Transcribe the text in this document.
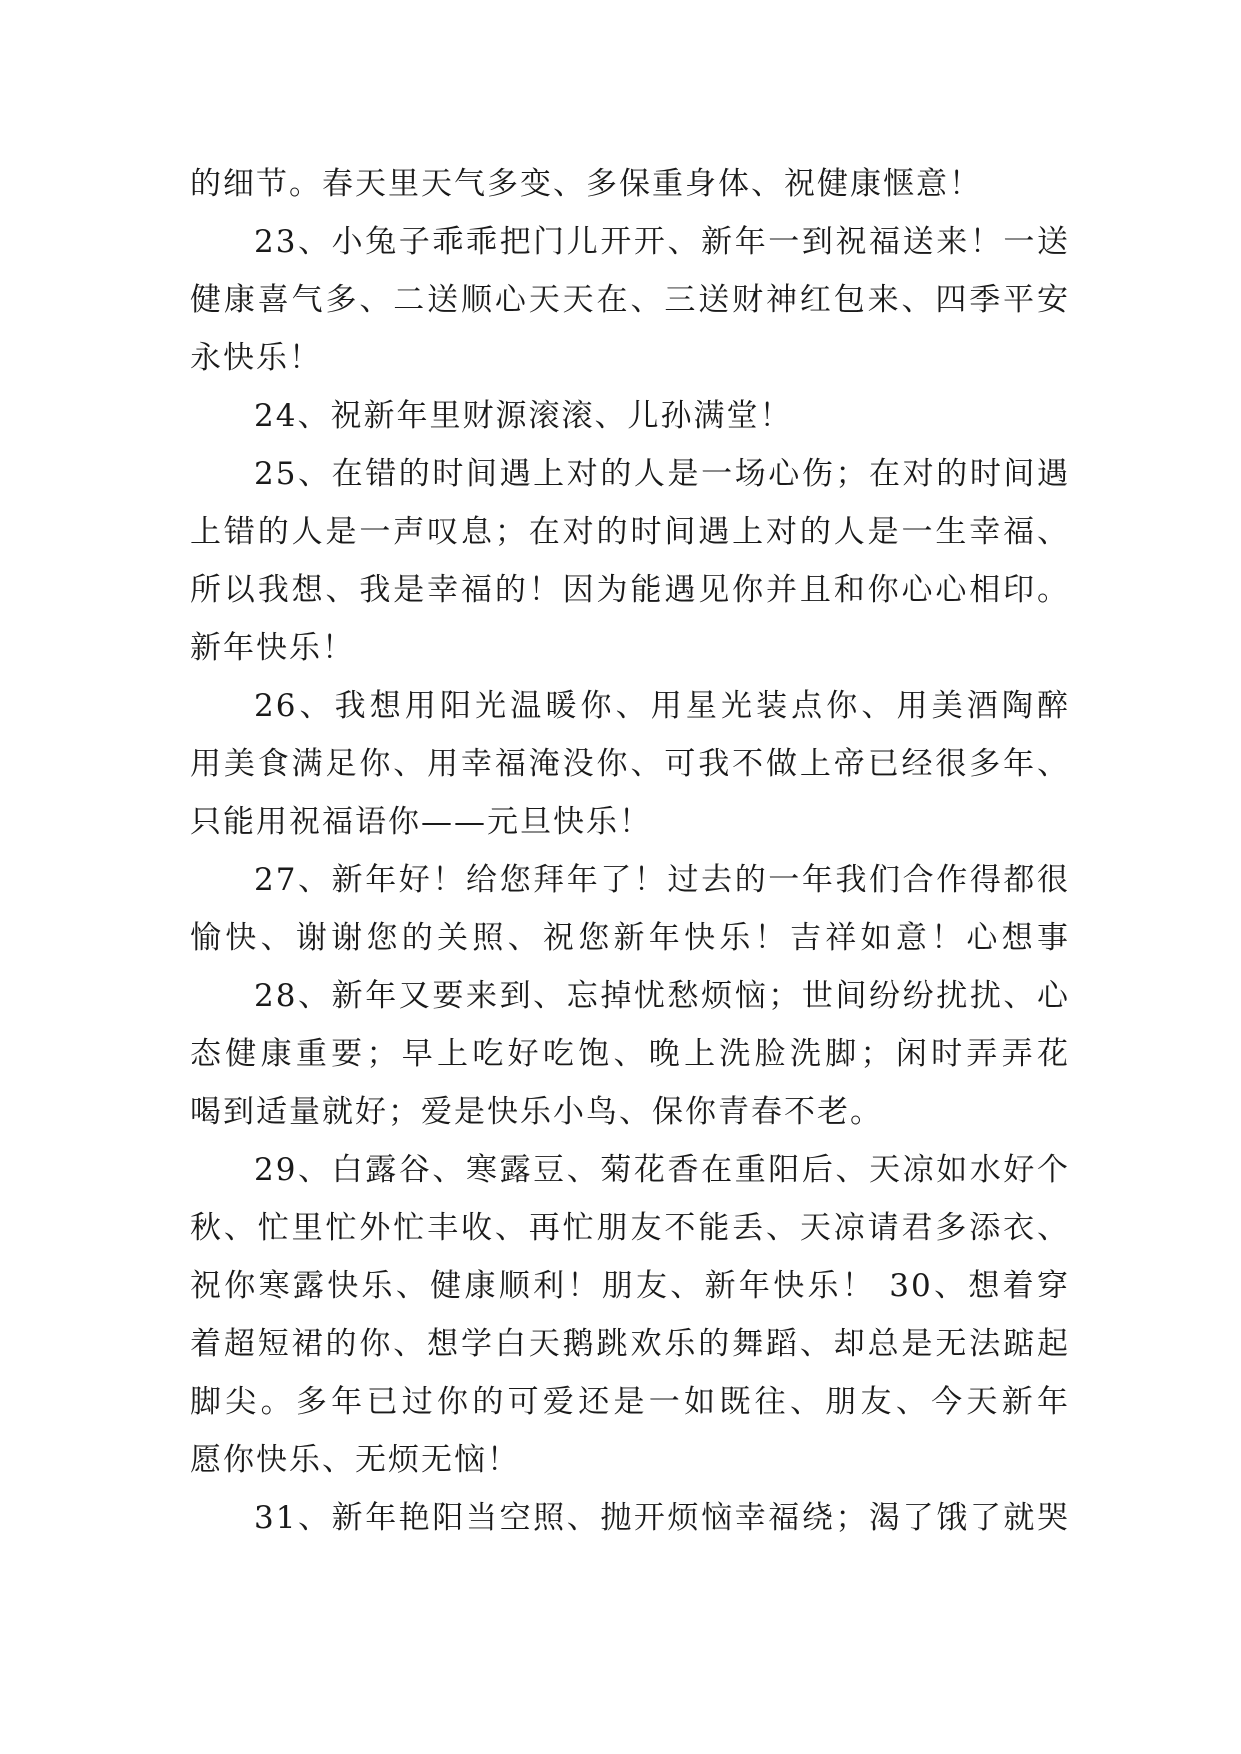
的细节。春天里天气多变、多保重身体、祝健康惬意！
23、小兔子乖乖把门儿开开、新年一到祝福送来！一送
健康喜气多、二送顺心天天在、三送财神红包来、四季平安
永快乐！
24、祝新年里财源滚滚、儿孙满堂！
25、在错的时间遇上对的人是一场心伤；在对的时间遇
上错的人是一声叹息；在对的时间遇上对的人是一生幸福、
所以我想、我是幸福的！因为能遇见你并且和你心心相印。
新年快乐！
26、我想用阳光温暖你、用星光装点你、用美酒陶醉
用美食满足你、用幸福淹没你、可我不做上帝已经很多年、
只能用祝福语你——元旦快乐！
27、新年好！给您拜年了！过去的一年我们合作得都很
愉快、谢谢您的关照、祝您新年快乐！吉祥如意！心想事
28、新年又要来到、忘掉忧愁烦恼；世间纷纷扰扰、心
态健康重要；早上吃好吃饱、晚上洗脸洗脚；闲时弄弄花
喝到适量就好；爱是快乐小鸟、保你青春不老。
29、白露谷、寒露豆、菊花香在重阳后、天凉如水好个
秋、忙里忙外忙丰收、再忙朋友不能丢、天凉请君多添衣、
祝你寒露快乐、健康顺利！朋友、新年快乐！ 30、想着穿
着超短裙的你、想学白天鹅跳欢乐的舞蹈、却总是无法踮起
脚尖。多年已过你的可爱还是一如既往、朋友、今天新年
愿你快乐、无烦无恼！
31、新年艳阳当空照、抛开烦恼幸福绕；渴了饿了就哭
